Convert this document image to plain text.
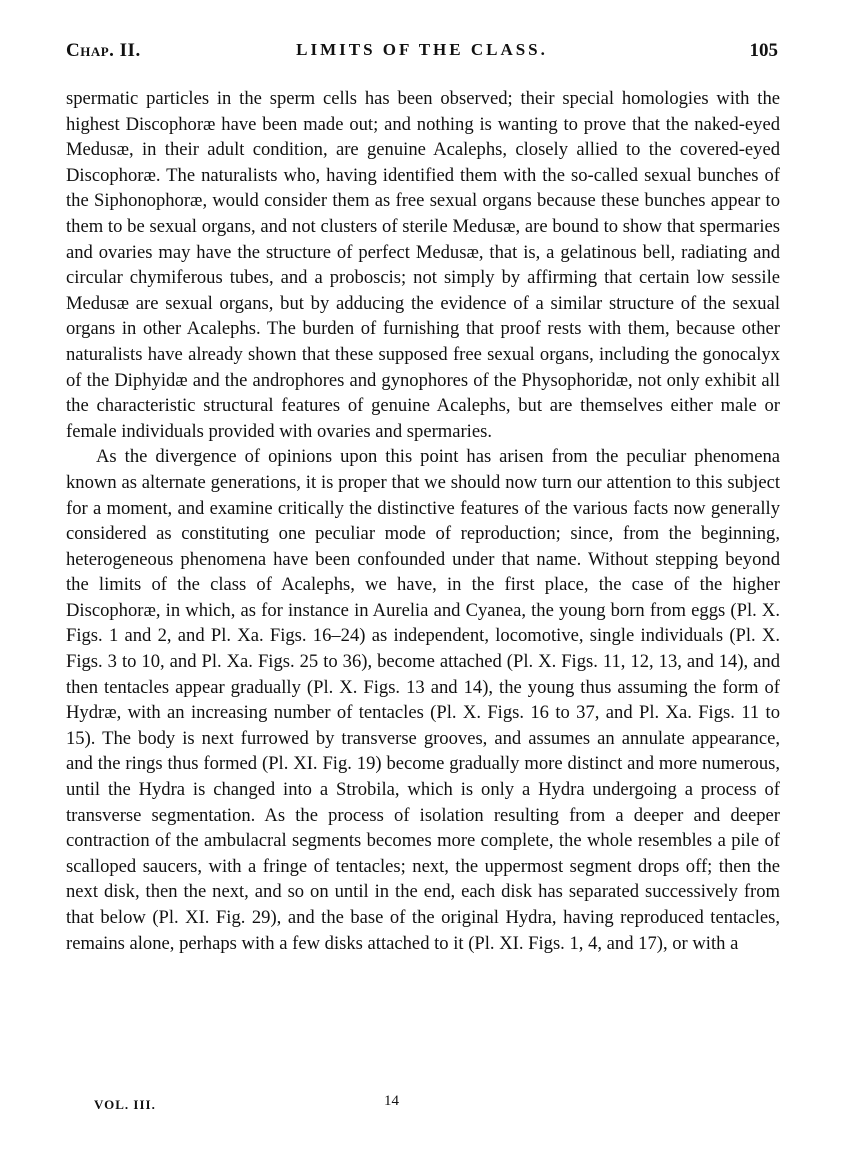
Chap. II.	LIMITS OF THE CLASS.	105

spermatic particles in the sperm cells has been observed; their special homologies with the highest Discophoræ have been made out; and nothing is wanting to prove that the naked-eyed Medusæ, in their adult condition, are genuine Acalephs, closely allied to the covered-eyed Discophoræ. The naturalists who, having identified them with the so-called sexual bunches of the Siphonophoræ, would consider them as free sexual organs because these bunches appear to them to be sexual organs, and not clusters of sterile Medusæ, are bound to show that spermaries and ovaries may have the structure of perfect Medusæ, that is, a gelatinous bell, radiating and circular chymiferous tubes, and a proboscis; not simply by affirming that certain low sessile Medusæ are sexual organs, but by adducing the evidence of a similar structure of the sexual organs in other Acalephs. The burden of furnishing that proof rests with them, because other naturalists have already shown that these supposed free sexual organs, including the gonocalyx of the Diphyidæ and the androphores and gynophores of the Physophoridæ, not only exhibit all the characteristic structural features of genuine Acalephs, but are themselves either male or female individuals provided with ovaries and spermaries.

As the divergence of opinions upon this point has arisen from the peculiar phenomena known as alternate generations, it is proper that we should now turn our attention to this subject for a moment, and examine critically the distinctive features of the various facts now generally considered as constituting one peculiar mode of reproduction; since, from the beginning, heterogeneous phenomena have been confounded under that name. Without stepping beyond the limits of the class of Acalephs, we have, in the first place, the case of the higher Discophoræ, in which, as for instance in Aurelia and Cyanea, the young born from eggs (Pl. X. Figs. 1 and 2, and Pl. Xa. Figs. 16–24) as independent, locomotive, single individuals (Pl. X. Figs. 3 to 10, and Pl. Xa. Figs. 25 to 36), become attached (Pl. X. Figs. 11, 12, 13, and 14), and then tentacles appear gradually (Pl. X. Figs. 13 and 14), the young thus assuming the form of Hydræ, with an increasing number of tentacles (Pl. X. Figs. 16 to 37, and Pl. Xa. Figs. 11 to 15). The body is next furrowed by transverse grooves, and assumes an annulate appearance, and the rings thus formed (Pl. XI. Fig. 19) become gradually more distinct and more numerous, until the Hydra is changed into a Strobila, which is only a Hydra undergoing a process of transverse segmentation. As the process of isolation resulting from a deeper and deeper contraction of the ambulacral segments becomes more complete, the whole resembles a pile of scalloped saucers, with a fringe of tentacles; next, the uppermost segment drops off; then the next disk, then the next, and so on until in the end, each disk has separated successively from that below (Pl. XI. Fig. 29), and the base of the original Hydra, having reproduced tentacles, remains alone, perhaps with a few disks attached to it (Pl. XI. Figs. 1, 4, and 17), or with a

VOL. III.	14
